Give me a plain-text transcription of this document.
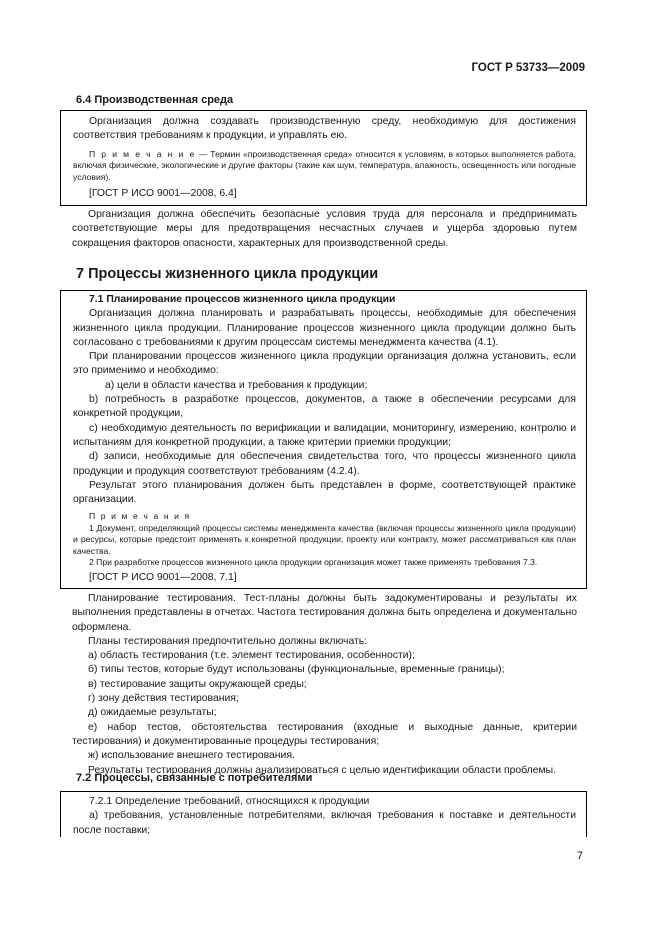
ГОСТ Р 53733—2009
6.4 Производственная среда

Организация должна создавать производственную среду, необходимую для достижения соответствия требованиям к продукции, и управлять ею.

П р и м е ч а н и е — Термин «производственная среда» относится к условиям, в которых выполняется работа, включая физические, экологические и другие факторы (такие как шум, температура, влажность, освещенность или погодные условия).

[ГОСТ Р ИСО 9001—2008, 6.4]

Организация должна обеспечить безопасные условия труда для персонала и предпринимать соответствующие меры для предотвращения несчастных случаев и ущерба здоровью путем сокращения факторов опасности, характерных для производственной среды.

7 Процессы жизненного цикла продукции

7.1 Планирование процессов жизненного цикла продукции

Организация должна планировать и разрабатывать процессы, необходимые для обеспечения жизненного цикла продукции. Планирование процессов жизненного цикла продукции должно быть согласовано с требованиями к другим процессам системы менеджмента качества (4.1).

При планировании процессов жизненного цикла продукции организация должна установить, если это применимо и необходимо:

а) цели в области качества и требования к продукции;

b) потребность в разработке процессов, документов, а также в обеспечении ресурсами для конкретной продукции,

c) необходимую деятельность по верификации и валидации, мониторингу, измерению, контролю и испытаниям для конкретной продукции, а также критерии приемки продукции;

d) записи, необходимые для обеспечения свидетельства того, что процессы жизненного цикла продукции и продукция соответствуют требованиям (4.2.4).

Результат этого планирования должен быть представлен в форме, соответствующей практике организации.

П р и м е ч а н и я

1 Документ, определяющий процессы системы менеджмента качества (включая процессы жизненного цикла продукции) и ресурсы, которые предстоит применять к конкретной продукции, проекту или контракту, может рассматриваться как план качества.

2 При разработке процессов жизненного цикла продукции организация может также применять требования 7.3.

[ГОСТ Р ИСО 9001—2008, 7.1]

Планирование тестирования. Тест-планы должны быть задокументированы и результаты их выполнения представлены в отчетах. Частота тестирования должна быть определена и документально оформлена.

Планы тестирования предпочтительно должны включать:

а) область тестирования (т.е. элемент тестирования, особенности);

б) типы тестов, которые будут использованы (функциональные, временные границы);

в) тестирование защиты окружающей среды;

г) зону действия тестирования;

д) ожидаемые результаты;

е) набор тестов, обстоятельства тестирования (входные и выходные данные, критерии тестирования) и документированные процедуры тестирования;

ж) использование внешнего тестирования.

Результаты тестирования должны анализироваться с целью идентификации области проблемы.

7.2 Процессы, связанные с потребителями

7.2.1 Определение требований, относящихся к продукции

а) требования, установленные потребителями, включая требования к поставке и деятельности после поставки;

7
